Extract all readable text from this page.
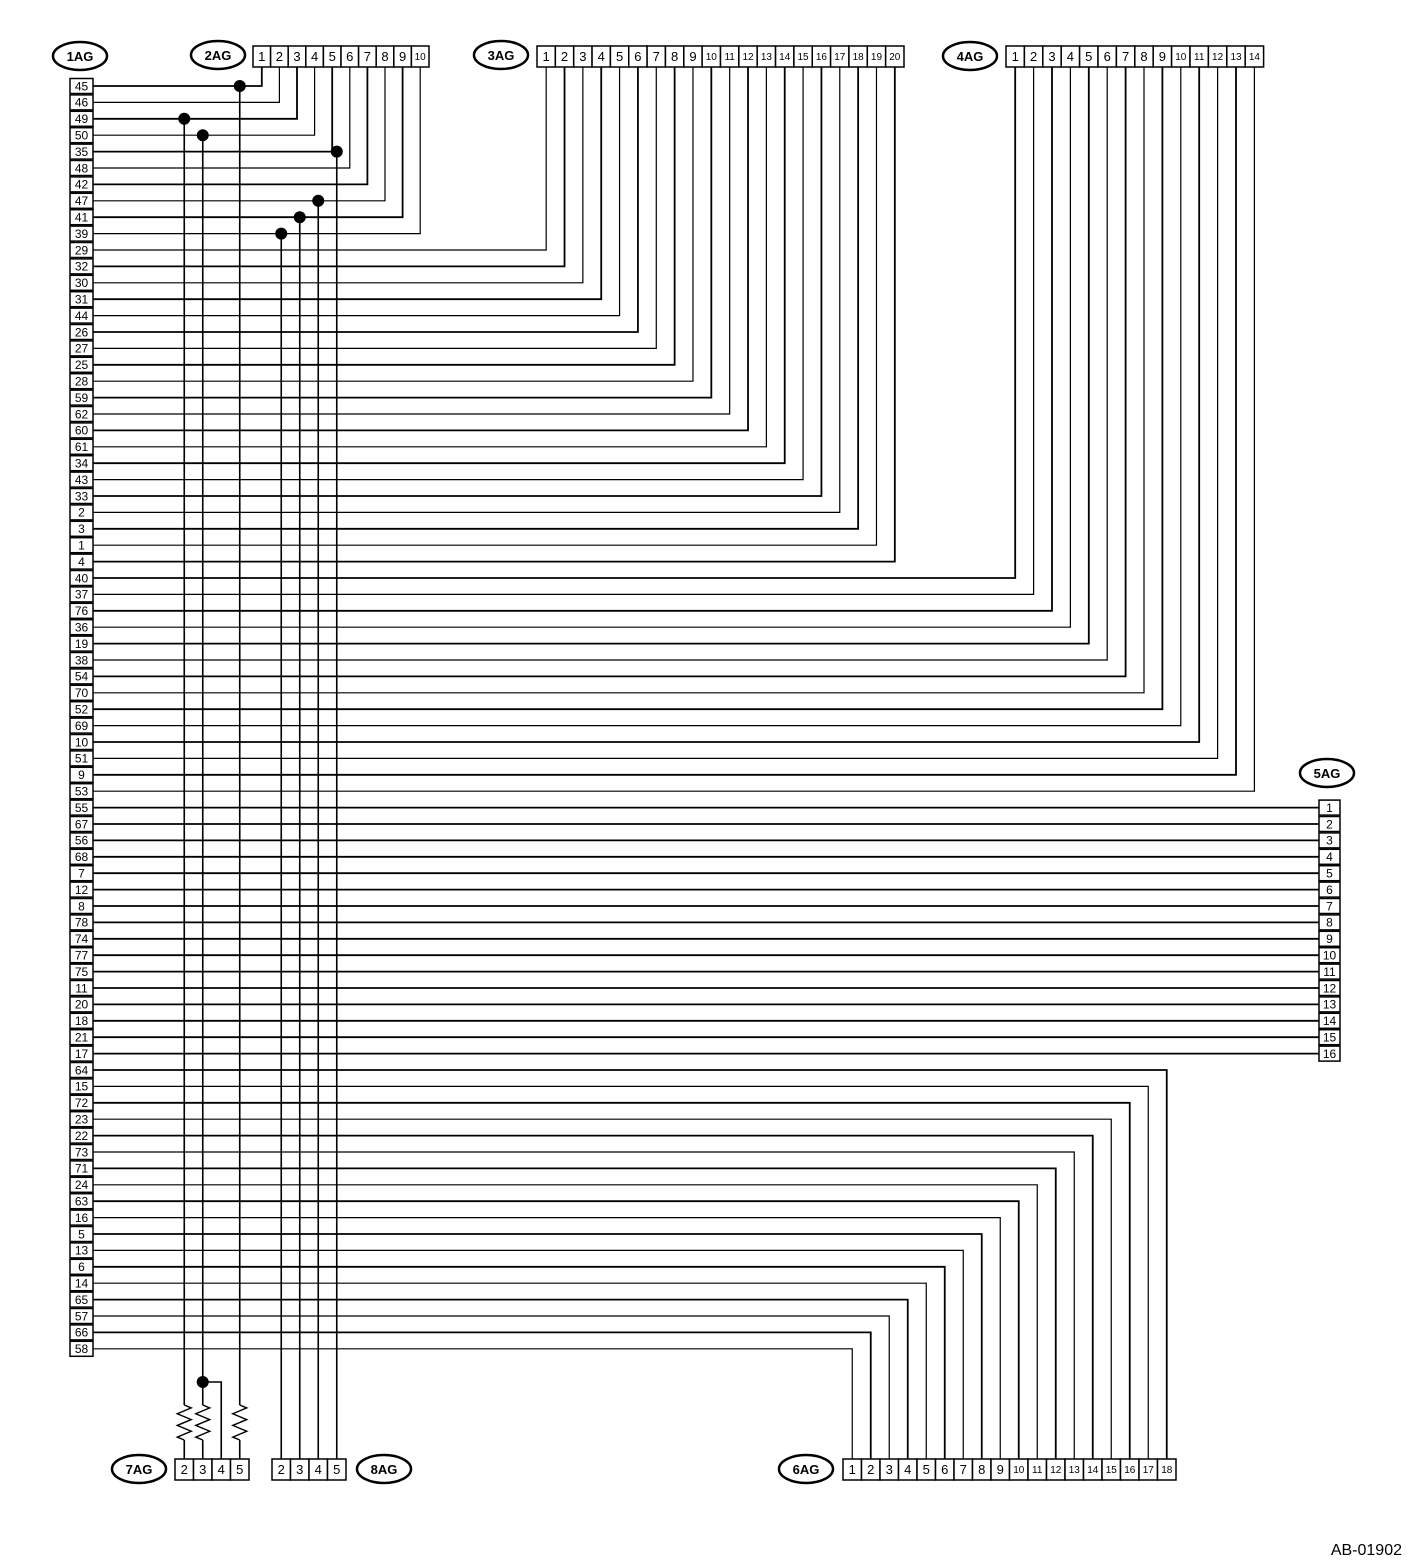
45
46
49
50
35
48
42
47
41
39
29
32
30
31
44
26
27
25
28
59
62
60
61
34
43
33
2
3
1
4
40
37
76
36
19
38
54
70
52
69
10
51
9
53
55
67
56
68
7
12
8
78
74
77
75
11
20
18
21
17
64
15
72
23
22
73
71
24
63
16
5
13
6
14
65
57
66
58
1 2 3 4 5 6 7 8 9 10	1 2 3 4 5 6 7 8 9 10 11 12 13 14 15 16 17 18 19 20	1 2 3 4 5 6 7 8 9 10 11 12 13 14
1
2
3
4
5
6
7
8
9
10
11
12
13
14
15
16
2 3 4 5	2 3 4 5	1 2 3 4 5 6 7 8 9 10 11 12 13 14 15 16 17 18
1AG	2AG	3AG	4AG
5AG
6AG
7AG	8AG
AB-01902
